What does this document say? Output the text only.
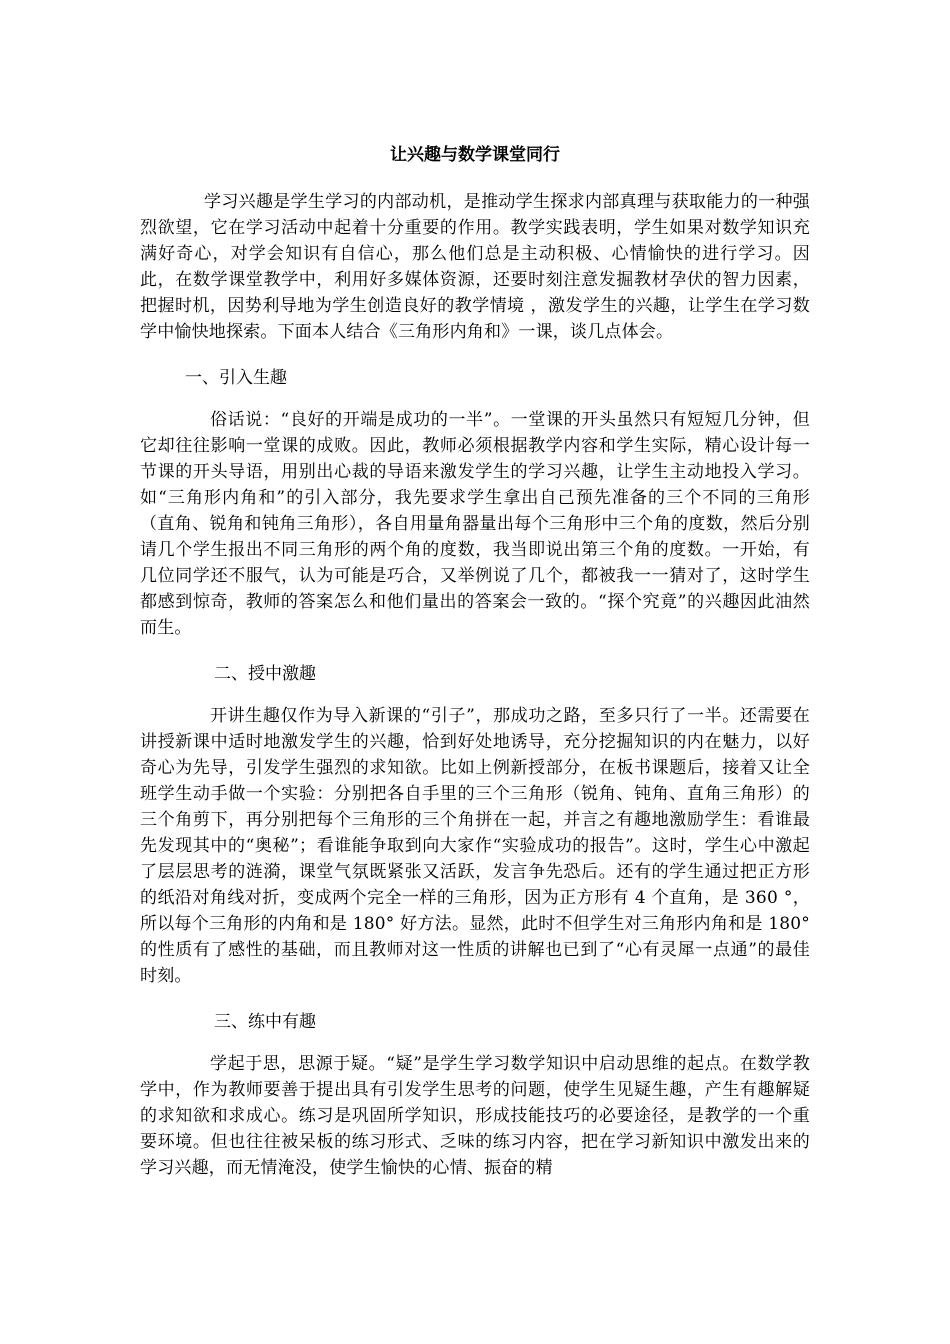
让兴趣与数学课堂同行

学习兴趣是学生学习的内部动机，是推动学生探求内部真理与获取能力的一种强烈欲望，它在学习活动中起着十分重要的作用。教学实践表明，学生如果对数学知识充满好奇心，对学会知识有自信心，那么他们总是主动积极、心情愉快的进行学习。因此，在数学课堂教学中，利用好多媒体资源，还要时刻注意发掘教材孕伏的智力因素，把握时机，因势利导地为学生创造良好的教学情境 ，激发学生的兴趣，让学生在学习数学中愉快地探索。下面本人结合《三角形内角和》一课，谈几点体会。

一、引入生趣

俗话说：“良好的开端是成功的一半”。一堂课的开头虽然只有短短几分钟，但它却往往影响一堂课的成败。因此，教师必须根据教学内容和学生实际，精心设计每一节课的开头导语，用别出心裁的导语来激发学生的学习兴趣，让学生主动地投入学习。如“三角形内角和”的引入部分，我先要求学生拿出自己预先准备的三个不同的三角形（直角、锐角和钝角三角形），各自用量角器量出每个三角形中三个角的度数，然后分别请几个学生报出不同三角形的两个角的度数，我当即说出第三个角的度数。一开始，有几位同学还不服气，认为可能是巧合，又举例说了几个，都被我一一猜对了，这时学生都感到惊奇，教师的答案怎么和他们量出的答案会一致的。“探个究竟”的兴趣因此油然而生。

二、授中激趣

开讲生趣仅作为导入新课的“引子”，那成功之路，至多只行了一半。还需要在讲授新课中适时地激发学生的兴趣，恰到好处地诱导，充分挖掘知识的内在魅力，以好奇心为先导，引发学生强烈的求知欲。比如上例新授部分，在板书课题后，接着又让全班学生动手做一个实验：分别把各自手里的三个三角形（锐角、钝角、直角三角形）的三个角剪下，再分别把每个三角形的三个角拼在一起，并言之有趣地激励学生：看谁最先发现其中的“奥秘”；看谁能争取到向大家作“实验成功的报告”。这时，学生心中激起了层层思考的涟漪，课堂气氛既紧张又活跃，发言争先恐后。还有的学生通过把正方形的纸沿对角线对折，变成两个完全一样的三角形，因为正方形有 4 个直角，是 360 °，所以每个三角形的内角和是 180° 好方法。显然，此时不但学生对三角形内角和是 180° 的性质有了感性的基础，而且教师对这一性质的讲解也已到了“心有灵犀一点通”的最佳时刻。

三、练中有趣

学起于思，思源于疑。“疑”是学生学习数学知识中启动思维的起点。在数学教学中，作为教师要善于提出具有引发学生思考的问题，使学生见疑生趣，产生有趣解疑的求知欲和求成心。练习是巩固所学知识，形成技能技巧的必要途径，是教学的一个重要环境。但也往往被呆板的练习形式、乏味的练习内容，把在学习新知识中激发出来的学习兴趣，而无情淹没，使学生愉快的心情、振奋的精
